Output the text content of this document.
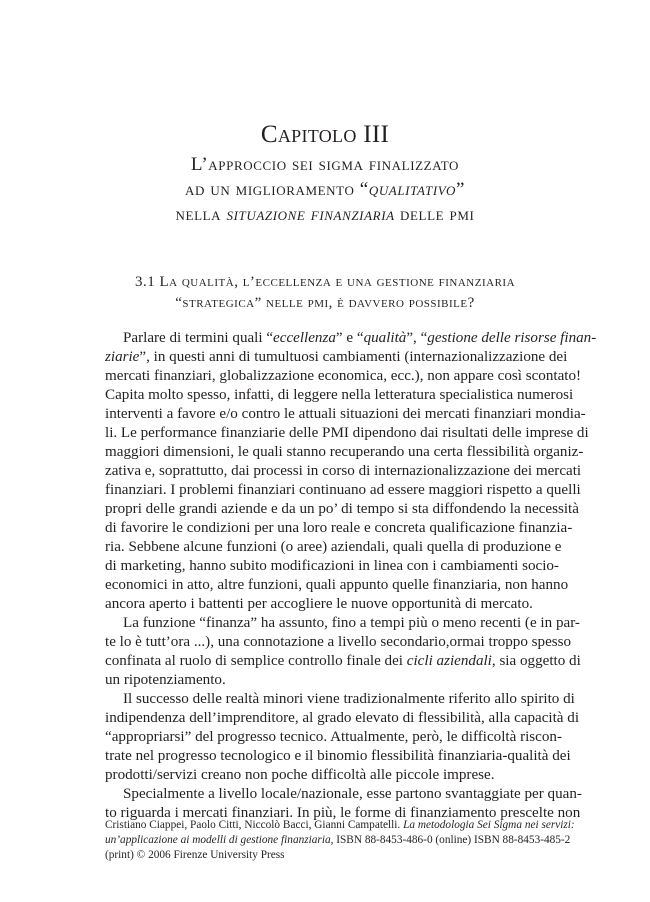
Capitolo III

L’approccio sei sigma finalizzato
ad un miglioramento “qualitativo”
nella situazione finanziaria delle pmi
3.1 La qualità, l’eccellenza e una gestione finanziaria
“strategica” nelle pmi, è davvero possibile?
Parlare di termini quali “eccellenza” e “qualità”, “gestione delle risorse finan-
ziarie”, in questi anni di tumultuosi cambiamenti (internazionalizzazione dei
mercati finanziari, globalizzazione economica, ecc.), non appare così scontato!
Capita molto spesso, infatti, di leggere nella letteratura specialistica numerosi
interventi a favore e/o contro le attuali situazioni dei mercati finanziari mondia-
li. Le performance finanziarie delle PMI dipendono dai risultati delle imprese di
maggiori dimensioni, le quali stanno recuperando una certa flessibilità organiz-
zativa e, soprattutto, dai processi in corso di internazionalizzazione dei mercati
finanziari. I problemi finanziari continuano ad essere maggiori rispetto a quelli
propri delle grandi aziende e da un po’ di tempo si sta diffondendo la necessità
di favorire le condizioni per una loro reale e concreta qualificazione finanzia-
ria. Sebbene alcune funzioni (o aree) aziendali, quali quella di produzione e
di marketing, hanno subito modificazioni in linea con i cambiamenti socio-
economici in atto, altre funzioni, quali appunto quelle finanziaria, non hanno
ancora aperto i battenti per accogliere le nuove opportunità di mercato.
La funzione “finanza” ha assunto, fino a tempi più o meno recenti (e in par-
te lo è tutt’ora ...), una connotazione a livello secondario,ormai troppo spesso
confinata al ruolo di semplice controllo finale dei cicli aziendali, sia oggetto di
un ripotenziamento.
Il successo delle realtà minori viene tradizionalmente riferito allo spirito di
indipendenza dell’imprenditore, al grado elevato di flessibilità, alla capacità di
“appropriarsi” del progresso tecnico. Attualmente, però, le difficoltà riscon-
trate nel progresso tecnologico e il binomio flessibilità finanziaria-qualità dei
prodotti/servizi creano non poche difficoltà alle piccole imprese.
Specialmente a livello locale/nazionale, esse partono svantaggiate per quan-
to riguarda i mercati finanziari. In più, le forme di finanziamento prescelte non
Cristiano Ciappei, Paolo Citti, Niccolò Bacci, Gianni Campatelli. La metodologia Sei Sigma nei servizi:
un’applicazione ai modelli di gestione finanziaria, ISBN 88-8453-486-0 (online) ISBN 88-8453-485-2
(print) © 2006 Firenze University Press
